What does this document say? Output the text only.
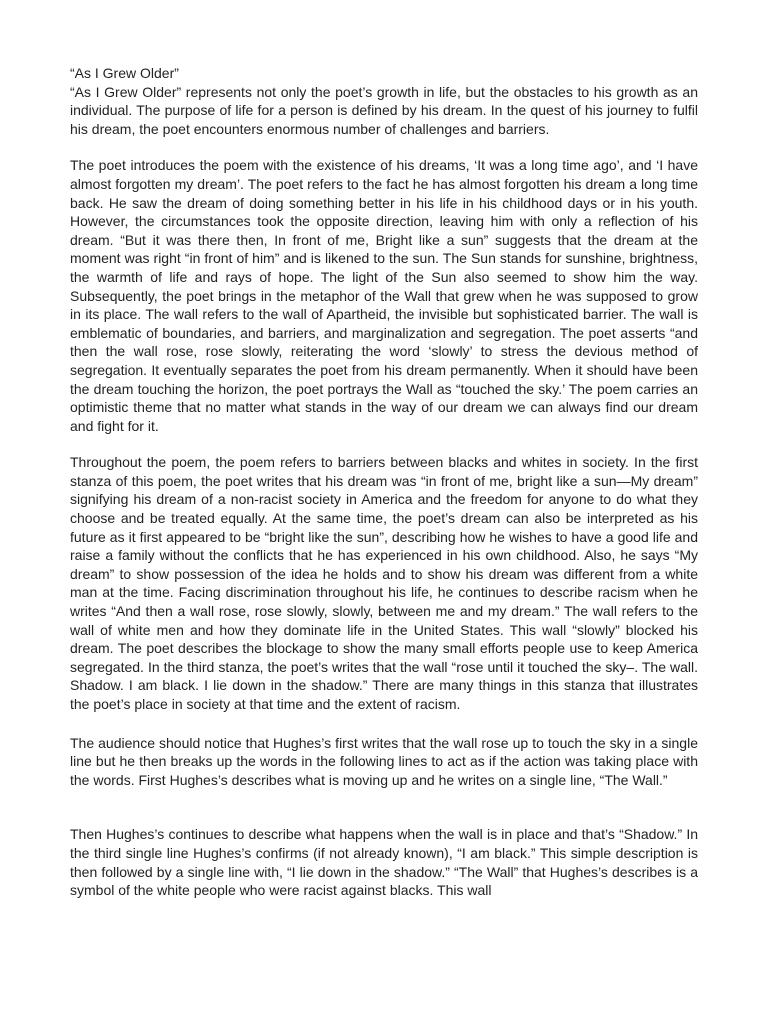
“As I Grew Older”

“As I Grew Older” represents not only the poet’s growth in life, but the obstacles to his growth as an individual. The purpose of life for a person is defined by his dream. In the quest of his journey to fulfil his dream, the poet encounters enormous number of challenges and barriers.

The poet introduces the poem with the existence of his dreams, ‘It was a long time ago’, and ‘I have almost forgotten my dream’. The poet refers to the fact he has almost forgotten his dream a long time back. He saw the dream of doing something better in his life in his childhood days or in his youth. However, the circumstances took the opposite direction, leaving him with only a reflection of his dream. “But it was there then, In front of me, Bright like a sun” suggests that the dream at the moment was right “in front of him” and is likened to the sun. The Sun stands for sunshine, brightness, the warmth of life and rays of hope. The light of the Sun also seemed to show him the way. Subsequently, the poet brings in the metaphor of the Wall that grew when he was supposed to grow in its place. The wall refers to the wall of Apartheid, the invisible but sophisticated barrier. The wall is emblematic of boundaries, and barriers, and marginalization and segregation. The poet asserts “and then the wall rose, rose slowly, reiterating the word ‘slowly’ to stress the devious method of segregation. It eventually separates the poet from his dream permanently. When it should have been the dream touching the horizon, the poet portrays the Wall as “touched the sky.’ The poem carries an optimistic theme that no matter what stands in the way of our dream we can always find our dream and fight for it.

Throughout the poem, the poem refers to barriers between blacks and whites in society. In the first stanza of this poem, the poet writes that his dream was “in front of me, bright like a sun—My dream” signifying his dream of a non-racist society in America and the freedom for anyone to do what they choose and be treated equally. At the same time, the poet’s dream can also be interpreted as his future as it first appeared to be “bright like the sun”, describing how he wishes to have a good life and raise a family without the conflicts that he has experienced in his own childhood. Also, he says “My dream” to show possession of the idea he holds and to show his dream was different from a white man at the time. Facing discrimination throughout his life, he continues to describe racism when he writes “And then a wall rose, rose slowly, slowly, between me and my dream.” The wall refers to the wall of white men and how they dominate life in the United States. This wall “slowly” blocked his dream. The poet describes the blockage to show the many small efforts people use to keep America segregated. In the third stanza, the poet’s writes that the wall “rose until it touched the sky–. The wall. Shadow. I am black. I lie down in the shadow.” There are many things in this stanza that illustrates the poet’s place in society at that time and the extent of racism.

The audience should notice that Hughes’s first writes that the wall rose up to touch the sky in a single line but he then breaks up the words in the following lines to act as if the action was taking place with the words. First Hughes’s describes what is moving up and he writes on a single line, “The Wall.”

Then Hughes’s continues to describe what happens when the wall is in place and that’s “Shadow.” In the third single line Hughes’s confirms (if not already known), “I am black.” This simple description is then followed by a single line with, “I lie down in the shadow.” “The Wall” that Hughes’s describes is a symbol of the white people who were racist against blacks. This wall
